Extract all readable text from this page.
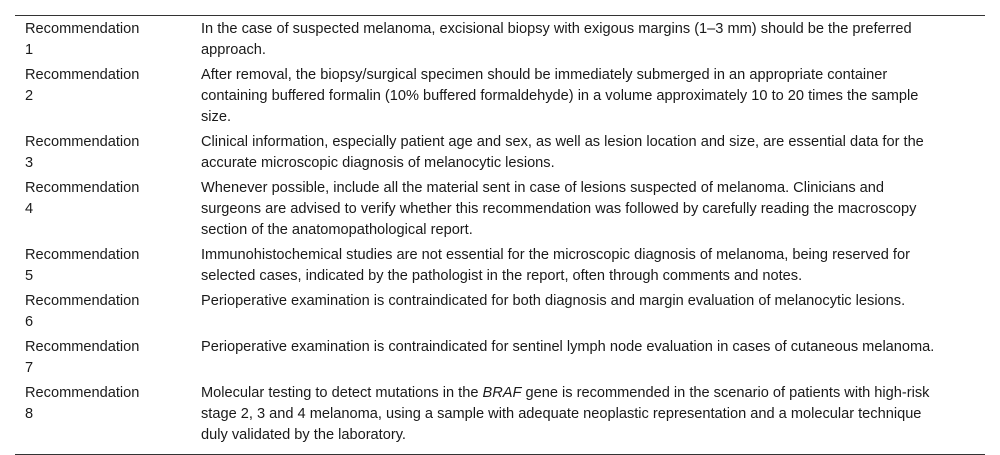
Recommendation
1	In the case of suspected melanoma, excisional biopsy with exigous margins (1–3 mm) should be the preferred approach.

Recommendation
2	After removal, the biopsy/surgical specimen should be immediately submerged in an appropriate container containing buffered formalin (10% buffered formaldehyde) in a volume approximately 10 to 20 times the sample size.

Recommendation
3	Clinical information, especially patient age and sex, as well as lesion location and size, are essential data for the accurate microscopic diagnosis of melanocytic lesions.

Recommendation
4	Whenever possible, include all the material sent in case of lesions suspected of melanoma. Clinicians and surgeons are advised to verify whether this recommendation was followed by carefully reading the macroscopy section of the anatomopathological report.

Recommendation
5	Immunohistochemical studies are not essential for the microscopic diagnosis of melanoma, being reserved for selected cases, indicated by the pathologist in the report, often through comments and notes.

Recommendation
6	Perioperative examination is contraindicated for both diagnosis and margin evaluation of melanocytic lesions.

Recommendation
7	Perioperative examination is contraindicated for sentinel lymph node evaluation in cases of cutaneous melanoma.

Recommendation
8	Molecular testing to detect mutations in the BRAF gene is recommended in the scenario of patients with high-risk stage 2, 3 and 4 melanoma, using a sample with adequate neoplastic representation and a molecular technique duly validated by the laboratory.
